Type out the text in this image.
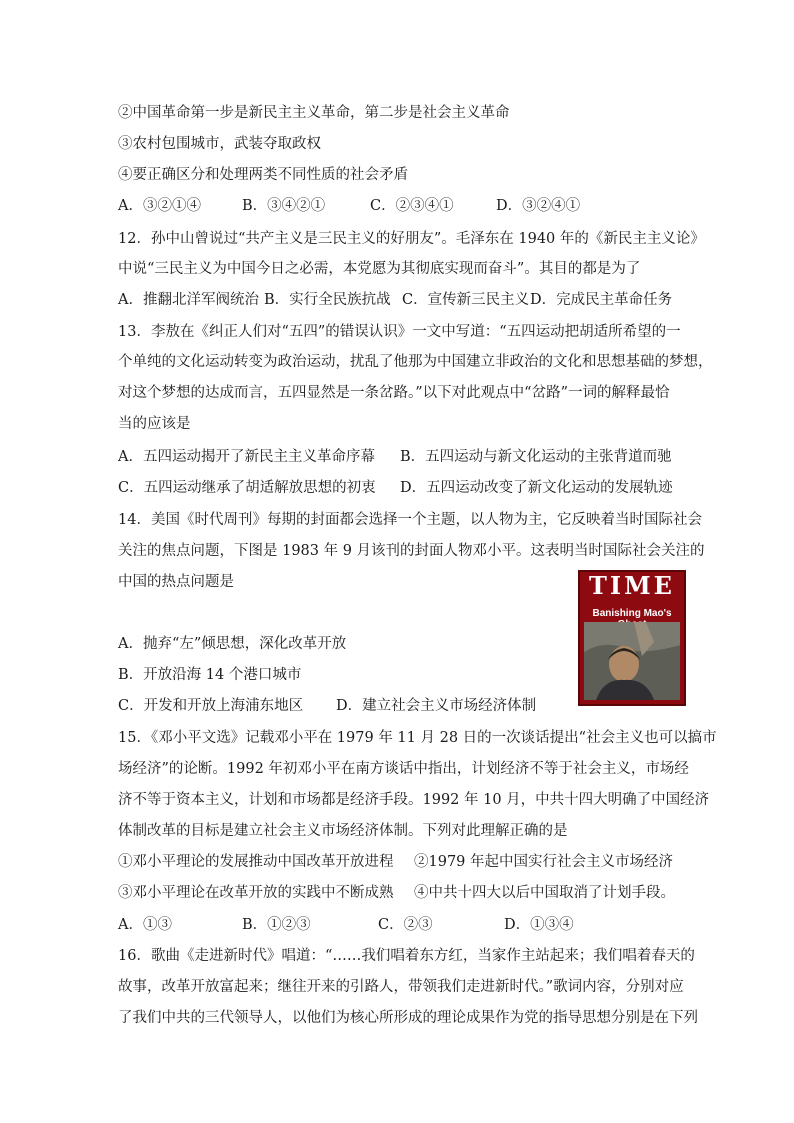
②中国革命第一步是新民主主义革命，第二步是社会主义革命
③农村包围城市，武装夺取政权
④要正确区分和处理两类不同性质的社会矛盾
A．③②①④	B．③④②①	C．②③④①	D．③②④①
12．孙中山曾说过“共产主义是三民主义的好朋友”。毛泽东在 1940 年的《新民主主义论》
中说“三民主义为中国今日之必需，本党愿为其彻底实现而奋斗”。其目的都是为了
A．推翻北洋军阀统治 B．实行全民族抗战 C．宣传新三民主义 D．完成民主革命任务
13．李敖在《纠正人们对“五四”的错误认识》一文中写道：“五四运动把胡适所希望的一
个单纯的文化运动转变为政治运动，扰乱了他那为中国建立非政治的文化和思想基础的梦想，
对这个梦想的达成而言，五四显然是一条岔路。”以下对此观点中“岔路”一词的解释最恰
当的应该是
A．五四运动揭开了新民主主义革命序幕 B．五四运动与新文化运动的主张背道而驰
C．五四运动继承了胡适解放思想的初衷 D．五四运动改变了新文化运动的发展轨迹
14．美国《时代周刊》每期的封面都会选择一个主题，以人物为主，它反映着当时国际社会
关注的焦点问题，下图是 1983 年 9 月该刊的封面人物邓小平。这表明当时国际社会关注的
中国的热点问题是	TIME
Banishing Mao's
A．抛弃“左”倾思想，深化改革开放
B．开放沿海 14 个港口城市
C．开发和开放上海浦东地区 D．建立社会主义市场经济体制
15．《邓小平文选》记载邓小平在 1979 年 11 月 28 日的一次谈话提出“社会主义也可以搞市
场经济”的论断。1992 年初邓小平在南方谈话中指出，计划经济不等于社会主义，市场经
济不等于资本主义，计划和市场都是经济手段。1992 年 10 月，中共十四大明确了中国经济
体制改革的目标是建立社会主义市场经济体制。下列对此理解正确的是
①邓小平理论的发展推动中国改革开放进程 ②1979 年起中国实行社会主义市场经济
③邓小平理论在改革开放的实践中不断成熟 ④中共十四大以后中国取消了计划手段。
A．①③	B．①②③	C．②③	D．①③④
16．歌曲《走进新时代》唱道：“……我们唱着东方红，当家作主站起来；我们唱着春天的
故事，改革开放富起来；继往开来的引路人，带领我们走进新时代。”歌词内容，分别对应
了我们中共的三代领导人，以他们为核心所形成的理论成果作为党的指导思想分别是在下列
